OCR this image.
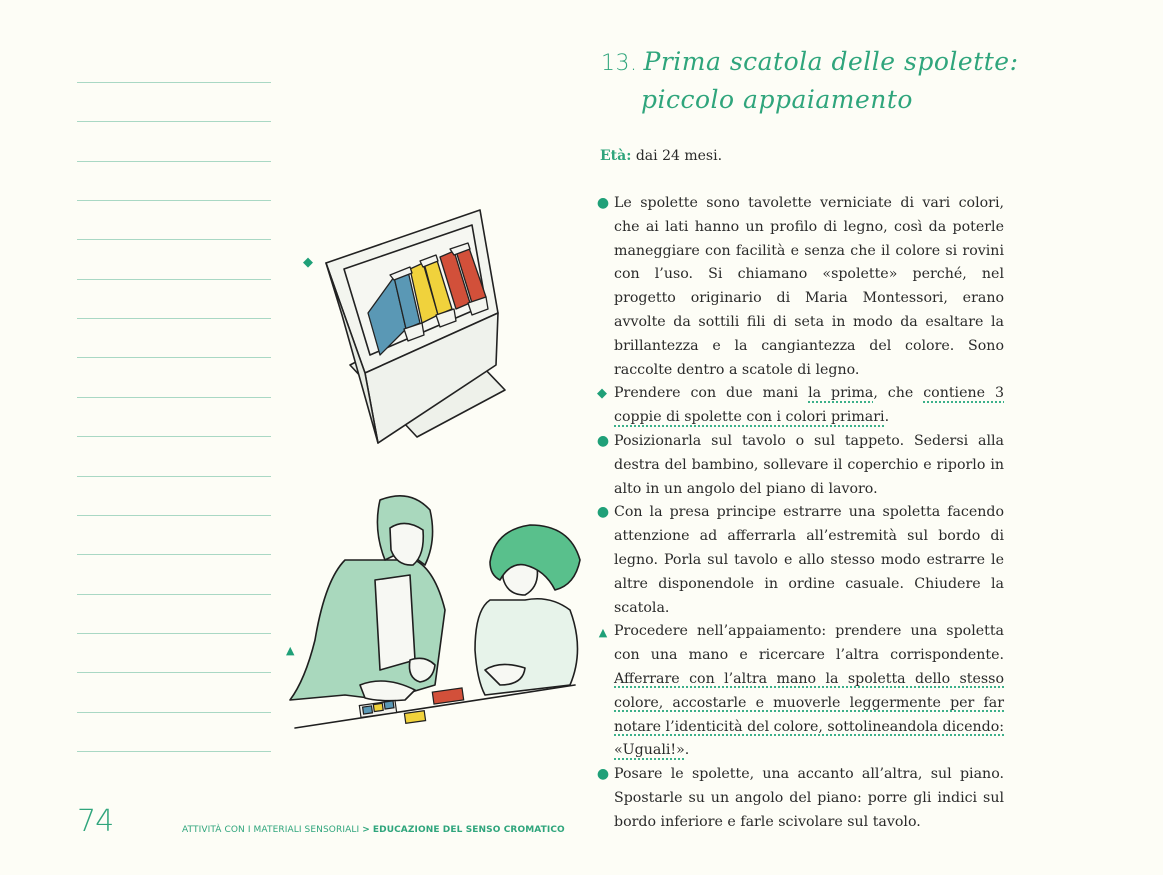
◆
▲
13. Prima scatola delle spolette:
piccolo appaiamento
Età: dai 24 mesi.
● Le spolette sono tavolette verniciate di vari colori, che ai lati hanno un profilo di legno, così da poterle maneggiare con facilità e senza che il colore si rovini con l’uso. Si chiamano «spolette» perché, nel progetto originario di Maria Montessori, erano avvolte da sottili fili di seta in modo da esaltare la brillantezza e la cangiantezza del colore. Sono raccolte dentro a scatole di legno.
◆ Prendere con due mani la prima, che contiene 3 coppie di spolette con i colori primari.
● Posizionarla sul tavolo o sul tappeto. Sedersi alla destra del bambino, sollevare il coperchio e riporlo in alto in un angolo del piano di lavoro.
● Con la presa principe estrarre una spoletta facendo attenzione ad afferrarla all’estremità sul bordo di legno. Porla sul tavolo e allo stesso modo estrarre le altre disponendole in ordine casuale. Chiudere la scatola.
▲ Procedere nell’appaiamento: prendere una spoletta con una mano e ricercare l’altra corrispondente. Afferrare con l’altra mano la spoletta dello stesso colore, accostarle e muoverle leggermente per far notare l’identicità del colore, sottolineandola dicendo: «Uguali!».
● Posare le spolette, una accanto all’altra, sul piano. Spostarle su un angolo del piano: porre gli indici sul bordo inferiore e farle scivolare sul tavolo.
74	ATTIVITÀ CON I MATERIALI SENSORIALI > EDUCAZIONE DEL SENSO CROMATICO
